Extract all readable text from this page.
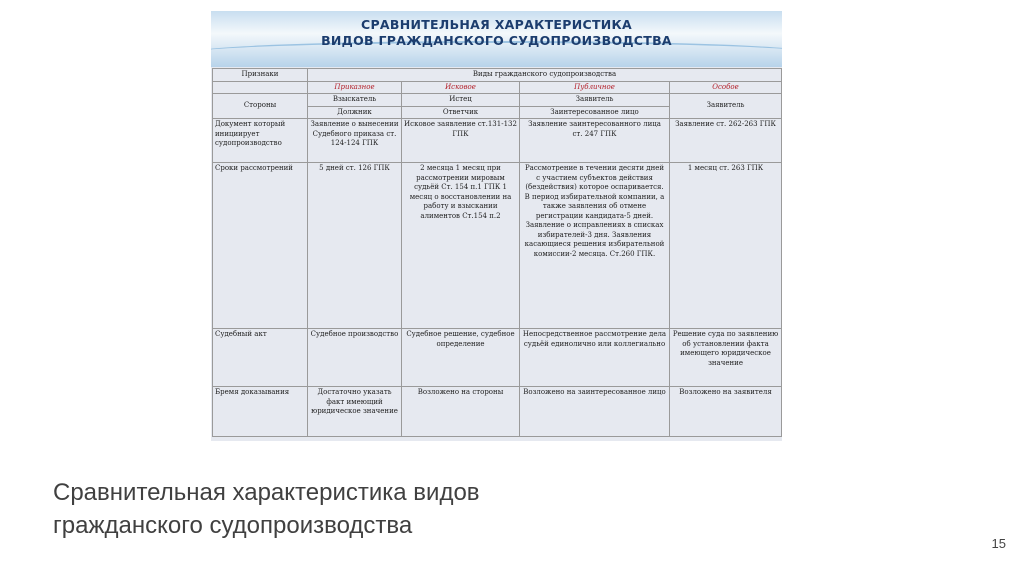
СРАВНИТЕЛЬНАЯ ХАРАКТЕРИСТИКА
ВИДОВ ГРАЖДАНСКОГО СУДОПРОИЗВОДСТВА
Признаки	Виды гражданского судопроизводства			
	Приказное	Исковое	Публичное	Особое
Стороны	Взыскатель	Истец	Заявитель	Заявитель
	Должник	Ответчик	Заинтересованное лицо	
Документ который инициирует судопроизводство	Заявление о вынесении Судебного приказа ст. 124-124 ГПК	Исковое заявление ст.131-132 ГПК	Заявление заинтересованного лица ст. 247 ГПК	Заявление ст. 262-263 ГПК
Сроки рассмотрений	5 дней ст. 126 ГПК	2 месяца 1 месяц при рассмотрении мировым судьёй Ст. 154 п.1 ГПК 1 месяц о восстановлении на работу и взыскании алиментов Ст.154 п.2	Рассмотрение в течении десяти дней с участием субъектов действия (бездействия) которое оспаривается. В период избирательной компании, а также заявления об отмене регистрации кандидата-5 дней. Заявление о исправлениях в списках избирателей-3 дня. Заявления касающиеся решения избирательной комиссии-2 месяца. Ст.260 ГПК.	1 месяц ст. 263 ГПК
Судебный акт	Судебное производство	Судебное решение, судебное определение	Непосредственное рассмотрение дела судьёй единолично или коллегиально	Решение суда по заявлению об установлении факта имеющего юридическое значение
Бремя доказывания	Достаточно указать факт имеющий юридическое значение	Возложено на стороны	Возложено на заинтересованное лицо	Возложено на заявителя
Сравнительная характеристика видов
гражданского судопроизводства
15
